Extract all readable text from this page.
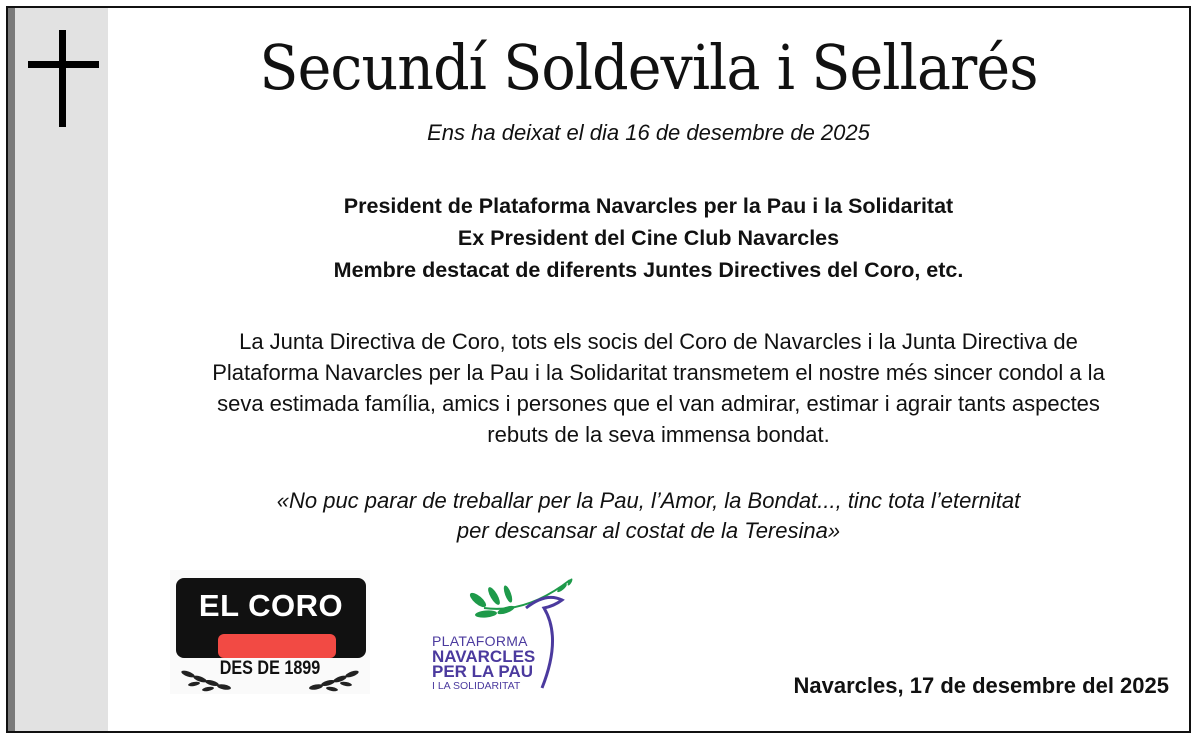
Secundí Soldevila i Sellarés
Ens ha deixat el dia 16 de desembre de 2025
President de Plataforma Navarcles per la Pau i la Solidaritat
Ex President del Cine Club Navarcles
Membre destacat de diferents Juntes Directives del Coro, etc.
La Junta Directiva de Coro, tots els socis del Coro de Navarcles i la Junta Directiva de
Plataforma Navarcles per la Pau i la Solidaritat transmetem el nostre més sincer condol a la
seva estimada família, amics i persones que el van admirar, estimar i agrair tants aspectes
rebuts de la seva immensa bondat.
«No puc parar de treballar per la Pau, l’Amor, la Bondat..., tinc tota l’eternitat
per descansar al costat de la Teresina»
EL CORO
DES DE 1899
PLATAFORMA
NAVARCLES
PER LA PAU
I LA SOLIDARITAT	Navarcles, 17 de desembre del 2025
